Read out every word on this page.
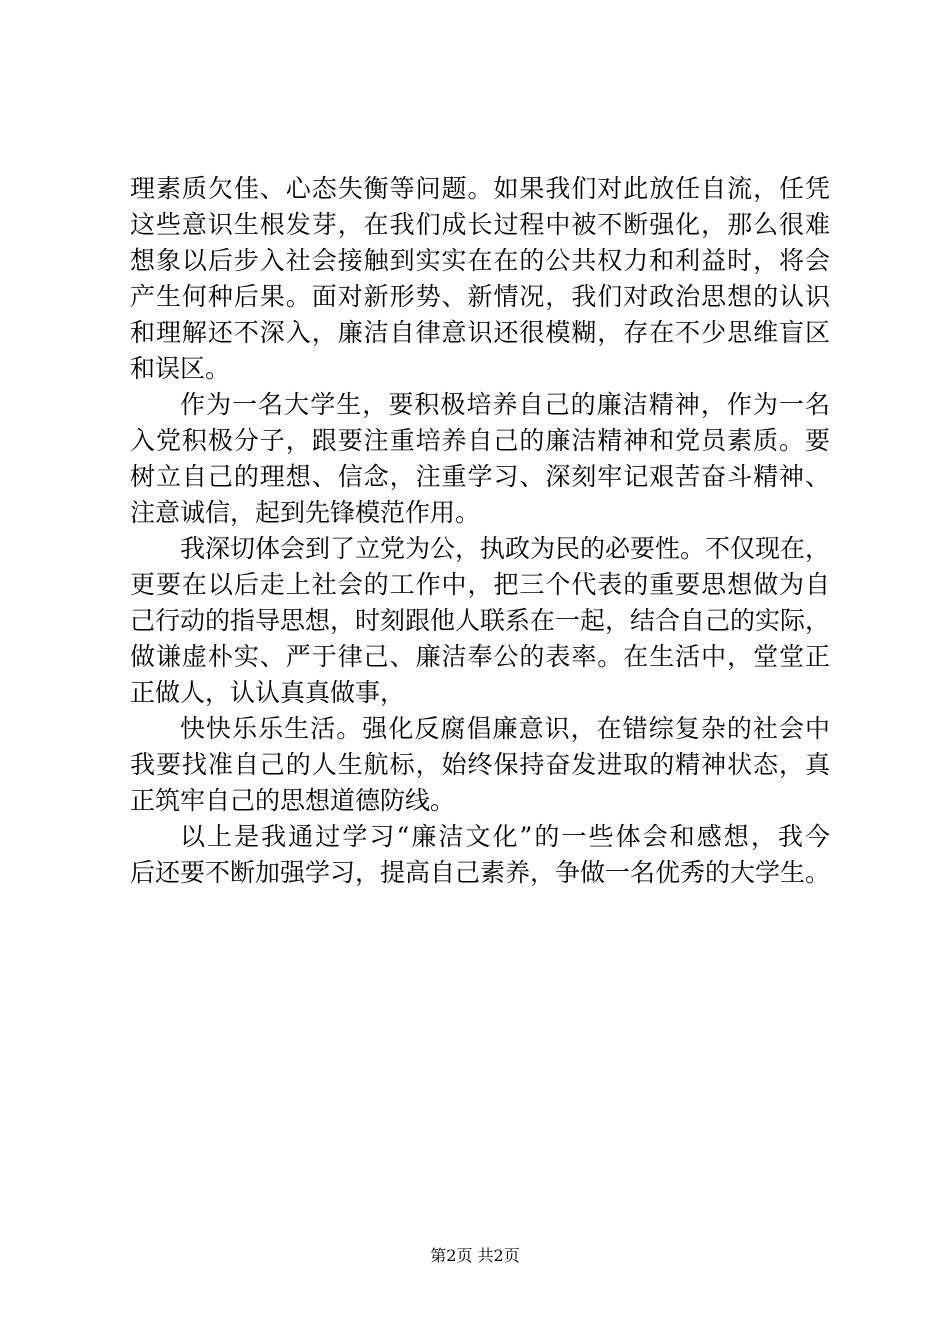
理素质欠佳、心态失衡等问题。如果我们对此放任自流，任凭
这些意识生根发芽，在我们成长过程中被不断强化，那么很难
想象以后步入社会接触到实实在在的公共权力和利益时，将会
产生何种后果。面对新形势、新情况，我们对政治思想的认识
和理解还不深入，廉洁自律意识还很模糊，存在不少思维盲区
和误区。
作为一名大学生，要积极培养自己的廉洁精神，作为一名
入党积极分子，跟要注重培养自己的廉洁精神和党员素质。要
树立自己的理想、信念，注重学习、深刻牢记艰苦奋斗精神、
注意诚信，起到先锋模范作用。
我深切体会到了立党为公，执政为民的必要性。不仅现在，
更要在以后走上社会的工作中，把三个代表的重要思想做为自
己行动的指导思想，时刻跟他人联系在一起，结合自己的实际，
做谦虚朴实、严于律己、廉洁奉公的表率。在生活中，堂堂正
正做人，认认真真做事，
快快乐乐生活。强化反腐倡廉意识，在错综复杂的社会中
我要找准自己的人生航标，始终保持奋发进取的精神状态，真
正筑牢自己的思想道德防线。
以上是我通过学习“廉洁文化”的一些体会和感想，我今
后还要不断加强学习，提高自己素养，争做一名优秀的大学生。
第2页 共2页
